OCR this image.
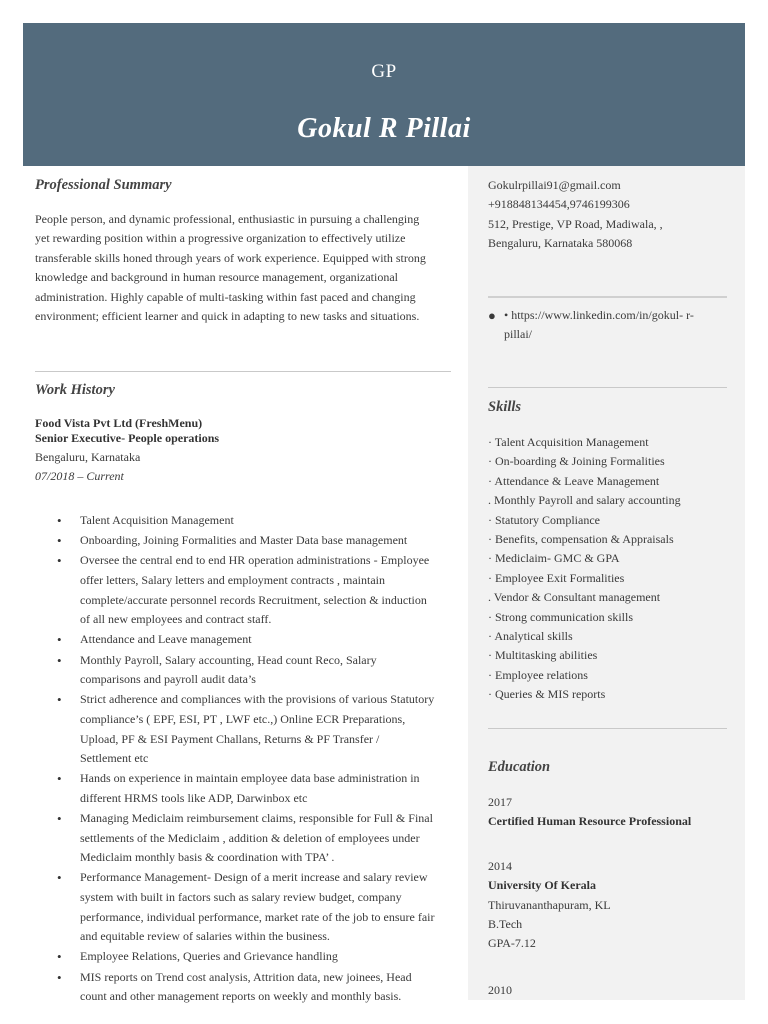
GP
Gokul R Pillai
Gokulrpillai91@gmail.com
+918848134454,9746199306
512, Prestige, VP Road, Madiwala, ,
Bengaluru, Karnataka 580068
● • https://www.linkedin.com/in/gokul- r-
pillai/
Skills
· Talent Acquisition Management
· On-boarding & Joining Formalities
· Attendance & Leave Management
. Monthly Payroll and salary accounting
· Statutory Compliance
· Benefits, compensation & Appraisals
· Mediclaim- GMC & GPA
· Employee Exit Formalities
. Vendor & Consultant management
· Strong communication skills
· Analytical skills
· Multitasking abilities
· Employee relations
· Queries & MIS reports
Education
2017
Certified Human Resource Professional
2014
University Of Kerala
Thiruvananthapuram, KL
B.Tech
GPA-7.12
2010
Professional Summary
People person, and dynamic professional, enthusiastic in pursuing a challenging
yet rewarding position within a progressive organization to effectively utilize
transferable skills honed through years of work experience. Equipped with strong
knowledge and background in human resource management, organizational
administration. Highly capable of multi-tasking within fast paced and changing
environment; efficient learner and quick in adapting to new tasks and situations.
Work History
Food Vista Pvt Ltd (FreshMenu)
Senior Executive- People operations
Bengaluru, Karnataka
07/2018 – Current
• Talent Acquisition Management
• Onboarding, Joining Formalities and Master Data base management
• Oversee the central end to end HR operation administrations - Employee
offer letters, Salary letters and employment contracts , maintain
complete/accurate personnel records Recruitment, selection & induction
of all new employees and contract staff.
• Attendance and Leave management
• Monthly Payroll, Salary accounting, Head count Reco, Salary
comparisons and payroll audit data’s
• Strict adherence and compliances with the provisions of various Statutory
compliance’s ( EPF, ESI, PT , LWF etc.,) Online ECR Preparations,
Upload, PF & ESI Payment Challans, Returns & PF Transfer /
Settlement etc
• Hands on experience in maintain employee data base administration in
different HRMS tools like ADP, Darwinbox etc
• Managing Mediclaim reimbursement claims, responsible for Full & Final
settlements of the Mediclaim , addition & deletion of employees under
Mediclaim monthly basis & coordination with TPA’ .
• Performance Management- Design of a merit increase and salary review
system with built in factors such as salary review budget, company
performance, individual performance, market rate of the job to ensure fair
and equitable review of salaries within the business.
• Employee Relations, Queries and Grievance handling
• MIS reports on Trend cost analysis, Attrition data, new joinees, Head
count and other management reports on weekly and monthly basis.
